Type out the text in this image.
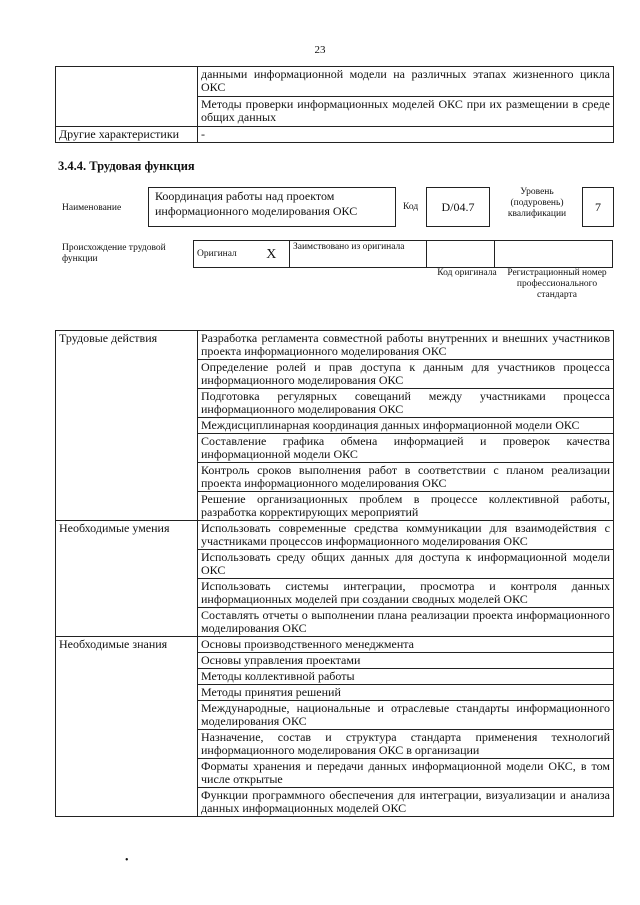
23
	данными информационной модели на различных этапах жизненного цикла ОКС
	Методы проверки информационных моделей ОКС при их размещении в среде общих данных
Другие характеристики	-
3.4.4. Трудовая функция
Наименование
Координация работы над проектом информационного моделирования ОКС	Код D/04.7
Уровень (подуровень) квалификации
7
Происхождение трудовой функции
Оригинал	X	Заимствовано из оригинала		
Код оригинала	Регистрационный номер профессионального стандарта
Трудовые действия	Разработка регламента совместной работы внутренних и внешних участников проекта информационного моделирования ОКС
	Определение ролей и прав доступа к данным для участников процесса информационного моделирования ОКС
	Подготовка регулярных совещаний между участниками процесса информационного моделирования ОКС
	Междисциплинарная координация данных информационной модели ОКС
	Составление графика обмена информацией и проверок качества информационной модели ОКС
	Контроль сроков выполнения работ в соответствии с планом реализации проекта информационного моделирования ОКС
	Решение организационных проблем в процессе коллективной работы, разработка корректирующих мероприятий
Необходимые умения	Использовать современные средства коммуникации для взаимодействия с участниками процессов информационного моделирования ОКС
	Использовать среду общих данных для доступа к информационной модели ОКС
	Использовать системы интеграции, просмотра и контроля данных информационных моделей при создании сводных моделей ОКС
	Составлять отчеты о выполнении плана реализации проекта информационного моделирования ОКС
Необходимые знания	Основы производственного менеджмента
	Основы управления проектами
	Методы коллективной работы
	Методы принятия решений
	Международные, национальные и отраслевые стандарты информационного моделирования ОКС
	Назначение, состав и структура стандарта применения технологий информационного моделирования ОКС в организации
	Форматы хранения и передачи данных информационной модели ОКС, в том числе открытые
	Функции программного обеспечения для интеграции, визуализации и анализа данных информационных моделей ОКС
•
